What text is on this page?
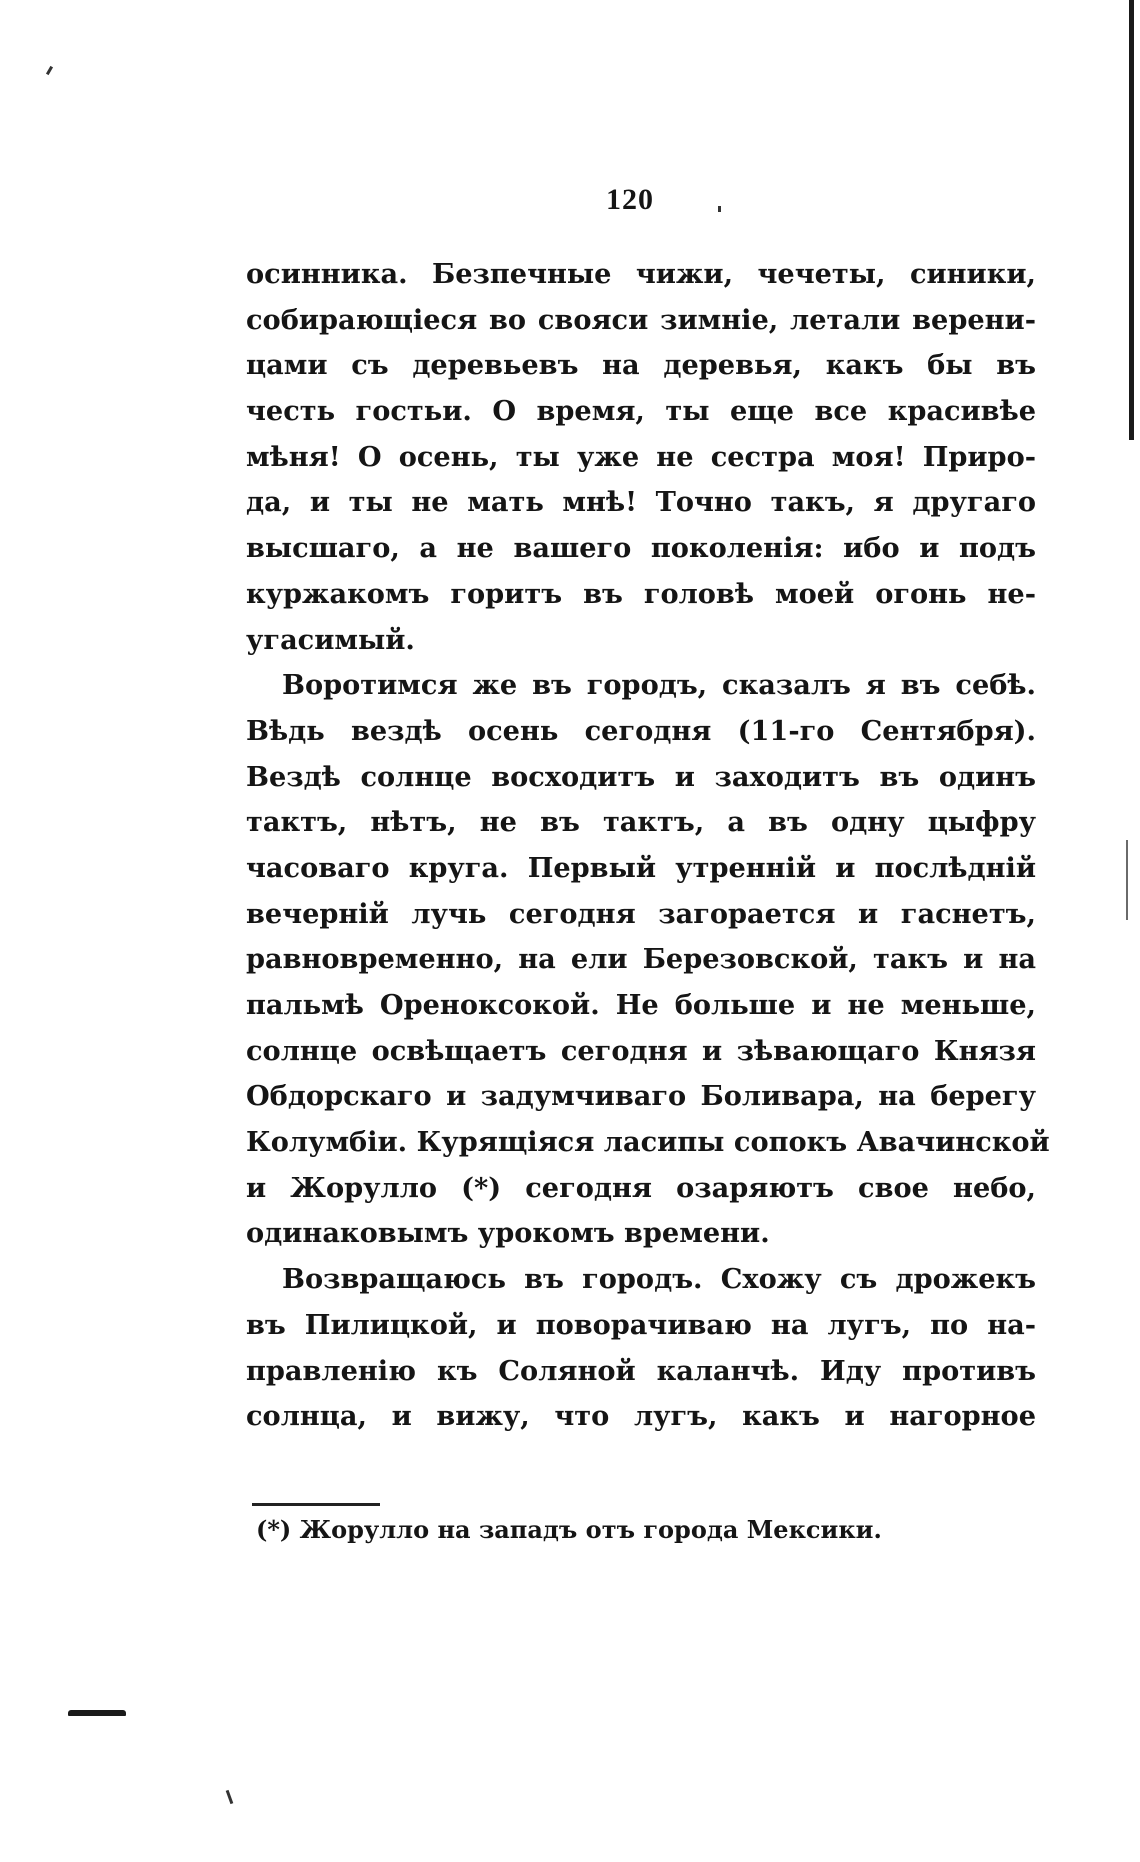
120
осинника. Безпечные чижи, чечеты, синики,
собирающіеся во свояси зимніе, летали верени-
цами съ деревьевъ на деревья, какъ бы въ
честь гостьи. О время, ты еще все красивѣе
мѣня! О осень, ты уже не сестра моя! Приро-
да, и ты не мать мнѣ! Точно такъ, я другаго
высшаго, а не вашего поколенія: ибо и подъ
куржакомъ горитъ въ головѣ моей огонь не-
угасимый.
Воротимся же въ городъ, сказалъ я въ себѣ.
Вѣдь вездѣ осень сегодня (11-го Сентября).
Вездѣ солнце восходитъ и заходитъ въ одинъ
тактъ, нѣтъ, не въ тактъ, а въ одну цыфру
часоваго круга. Первый утренній и послѣдній
вечерній лучь сегодня загорается и гаснетъ,
равновременно, на ели Березовской, такъ и на
пальмѣ Ореноксокой. Не больше и не меньше,
солнце освѣщаетъ сегодня и зѣвающаго Князя
Обдорскаго и задумчиваго Боливара, на берегу
Колумбіи. Курящіяся ласипы сопокъ Авачинской
и Жорулло (*) сегодня озаряютъ свое небо,
одинаковымъ урокомъ времени.
Возвращаюсь въ городъ. Схожу съ дрожекъ
въ Пилицкой, и поворачиваю на лугъ, по на-
правленію къ Соляной каланчѣ. Иду противъ
солнца, и вижу, что лугъ, какъ и нагорное
(*) Жорулло на западъ отъ города Мексики.
